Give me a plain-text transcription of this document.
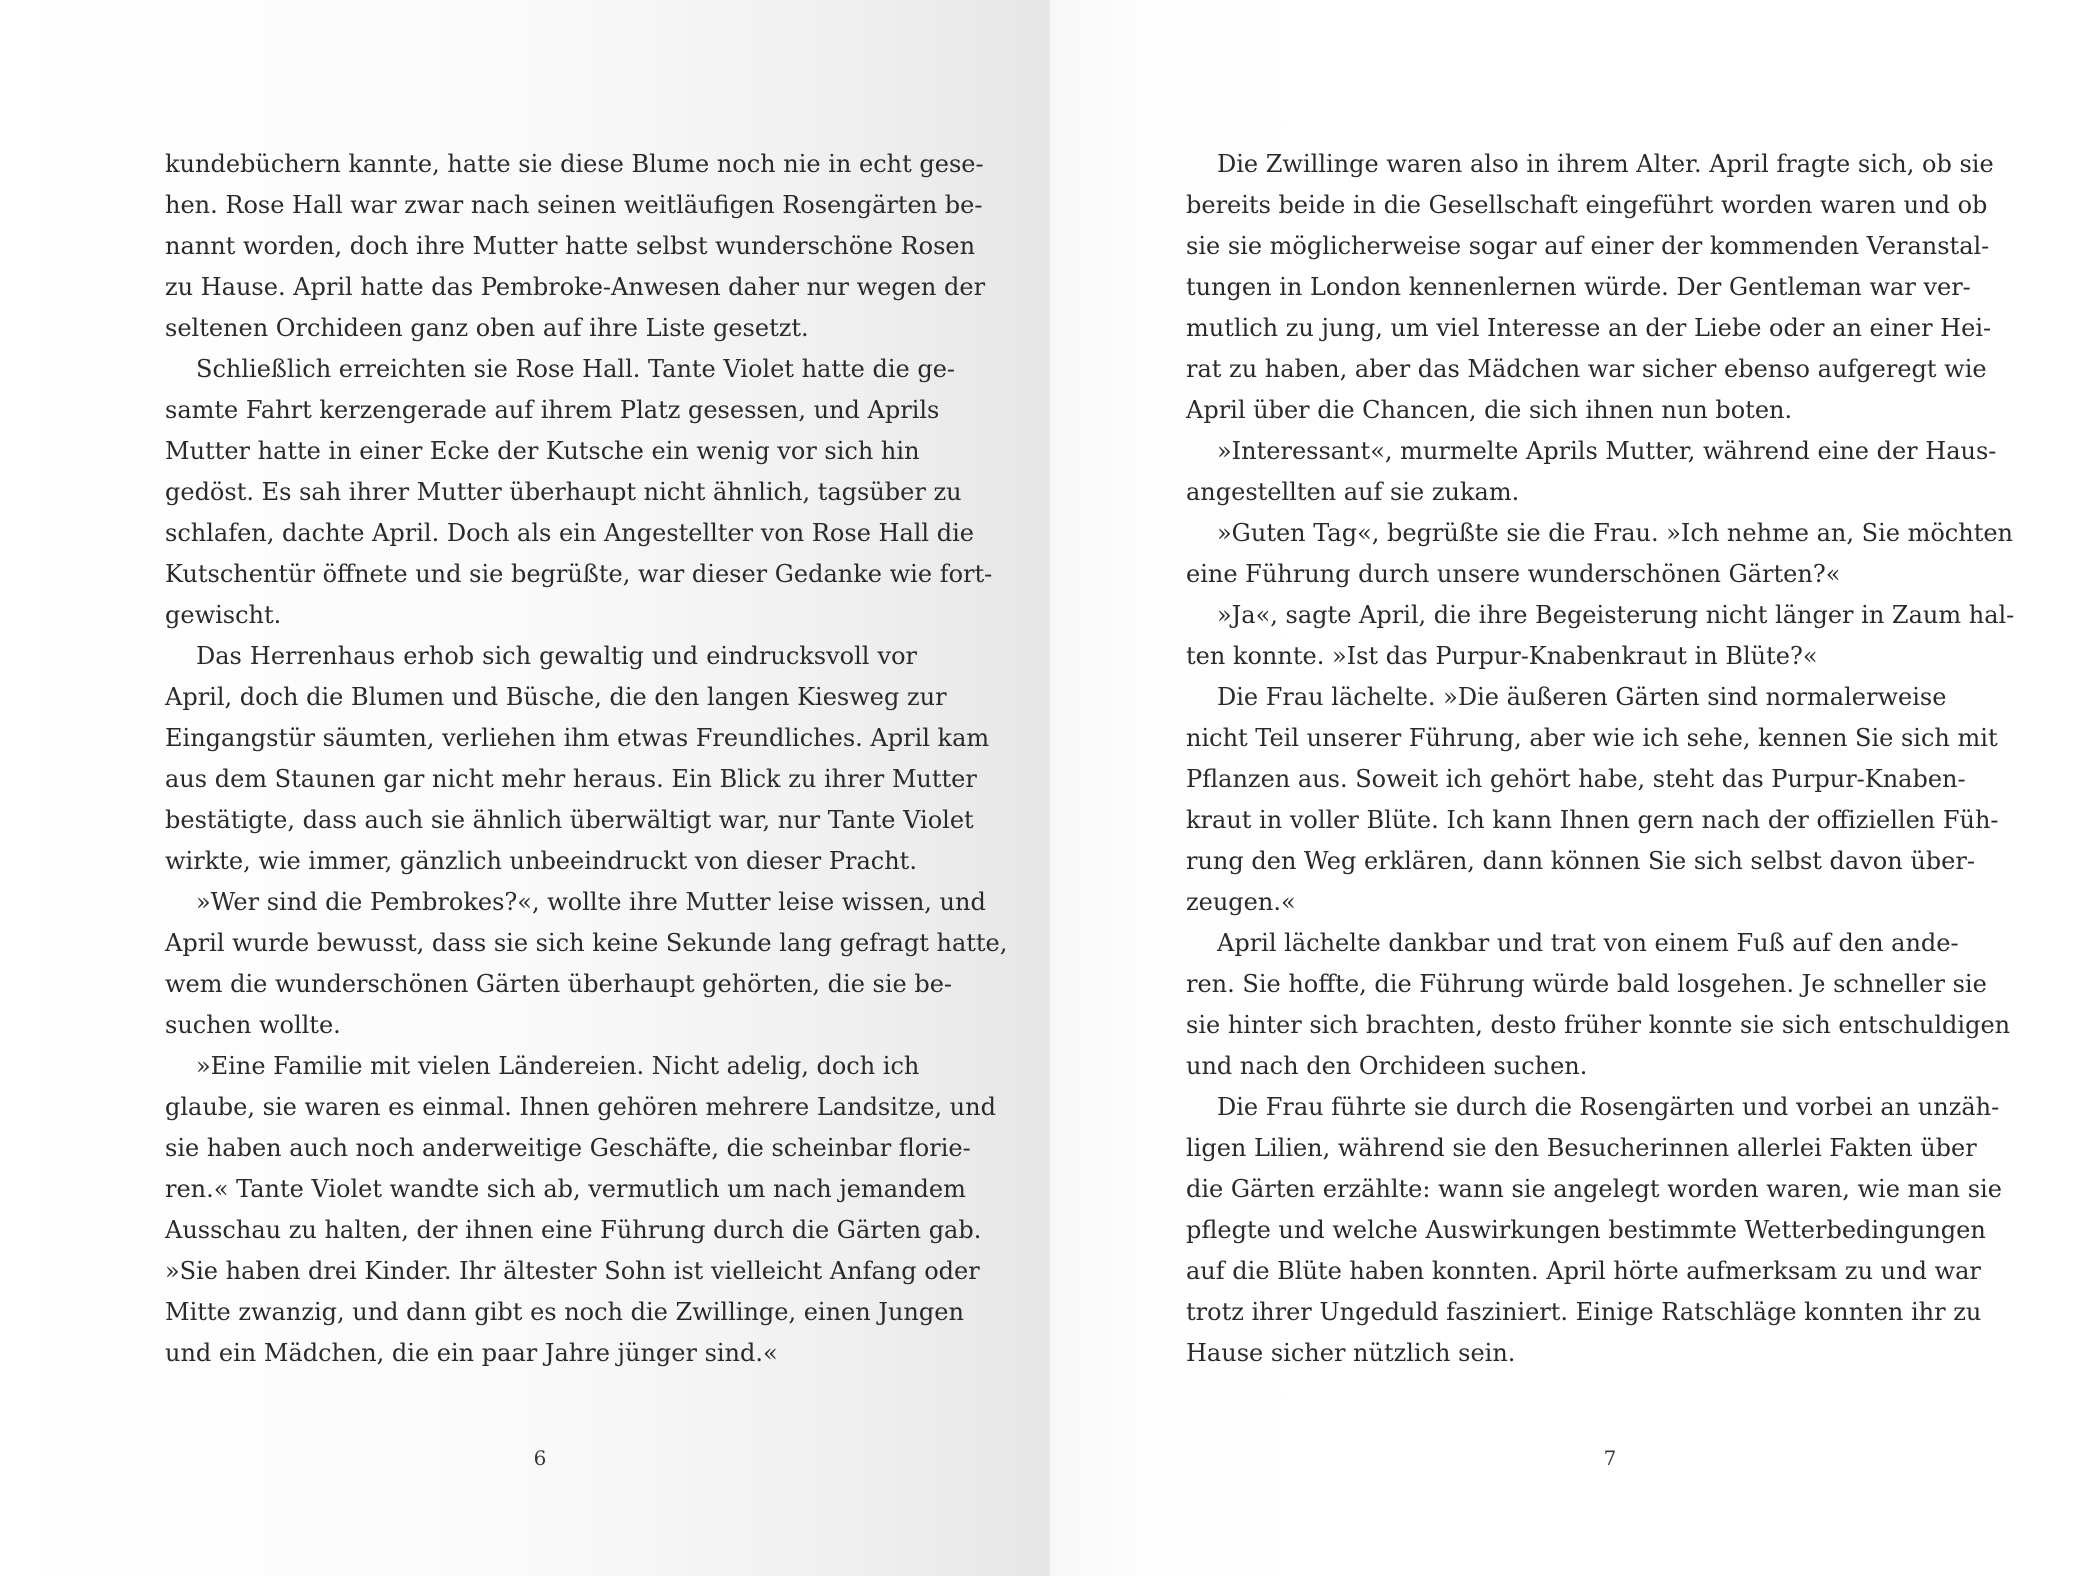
kundebüchern kannte, hatte sie diese Blume noch nie in echt gese-
hen. Rose Hall war zwar nach seinen weitläufigen Rosengärten be-
nannt worden, doch ihre Mutter hatte selbst wunderschöne Rosen
zu Hause. April hatte das Pembroke-Anwesen daher nur wegen der
seltenen Orchideen ganz oben auf ihre Liste gesetzt.
Schließlich erreichten sie Rose Hall. Tante Violet hatte die ge-
samte Fahrt kerzengerade auf ihrem Platz gesessen, und Aprils
Mutter hatte in einer Ecke der Kutsche ein wenig vor sich hin
gedöst. Es sah ihrer Mutter überhaupt nicht ähnlich, tagsüber zu
schlafen, dachte April. Doch als ein Angestellter von Rose Hall die
Kutschentür öffnete und sie begrüßte, war dieser Gedanke wie fort-
gewischt.
Das Herrenhaus erhob sich gewaltig und eindrucksvoll vor
April, doch die Blumen und Büsche, die den langen Kiesweg zur
Eingangstür säumten, verliehen ihm etwas Freundliches. April kam
aus dem Staunen gar nicht mehr heraus. Ein Blick zu ihrer Mutter
bestätigte, dass auch sie ähnlich überwältigt war, nur Tante Violet
wirkte, wie immer, gänzlich unbeeindruckt von dieser Pracht.
»Wer sind die Pembrokes?«, wollte ihre Mutter leise wissen, und
April wurde bewusst, dass sie sich keine Sekunde lang gefragt hatte,
wem die wunderschönen Gärten überhaupt gehörten, die sie be-
suchen wollte.
»Eine Familie mit vielen Ländereien. Nicht adelig, doch ich
glaube, sie waren es einmal. Ihnen gehören mehrere Landsitze, und
sie haben auch noch anderweitige Geschäfte, die scheinbar florie-
ren.« Tante Violet wandte sich ab, vermutlich um nach jemandem
Ausschau zu halten, der ihnen eine Führung durch die Gärten gab.
»Sie haben drei Kinder. Ihr ältester Sohn ist vielleicht Anfang oder
Mitte zwanzig, und dann gibt es noch die Zwillinge, einen Jungen
und ein Mädchen, die ein paar Jahre jünger sind.«
6
Die Zwillinge waren also in ihrem Alter. April fragte sich, ob sie
bereits beide in die Gesellschaft eingeführt worden waren und ob
sie sie möglicherweise sogar auf einer der kommenden Veranstal-
tungen in London kennenlernen würde. Der Gentleman war ver-
mutlich zu jung, um viel Interesse an der Liebe oder an einer Hei-
rat zu haben, aber das Mädchen war sicher ebenso aufgeregt wie
April über die Chancen, die sich ihnen nun boten.
»Interessant«, murmelte Aprils Mutter, während eine der Haus-
angestellten auf sie zukam.
»Guten Tag«, begrüßte sie die Frau. »Ich nehme an, Sie möchten
eine Führung durch unsere wunderschönen Gärten?«
»Ja«, sagte April, die ihre Begeisterung nicht länger in Zaum hal-
ten konnte. »Ist das Purpur-Knabenkraut in Blüte?«
Die Frau lächelte. »Die äußeren Gärten sind normalerweise
nicht Teil unserer Führung, aber wie ich sehe, kennen Sie sich mit
Pflanzen aus. Soweit ich gehört habe, steht das Purpur-Knaben-
kraut in voller Blüte. Ich kann Ihnen gern nach der offiziellen Füh-
rung den Weg erklären, dann können Sie sich selbst davon über-
zeugen.«
April lächelte dankbar und trat von einem Fuß auf den ande-
ren. Sie hoffte, die Führung würde bald losgehen. Je schneller sie
sie hinter sich brachten, desto früher konnte sie sich entschuldigen
und nach den Orchideen suchen.
Die Frau führte sie durch die Rosengärten und vorbei an unzäh-
ligen Lilien, während sie den Besucherinnen allerlei Fakten über
die Gärten erzählte: wann sie angelegt worden waren, wie man sie
pflegte und welche Auswirkungen bestimmte Wetterbedingungen
auf die Blüte haben konnten. April hörte aufmerksam zu und war
trotz ihrer Ungeduld fasziniert. Einige Ratschläge konnten ihr zu
Hause sicher nützlich sein.
7
